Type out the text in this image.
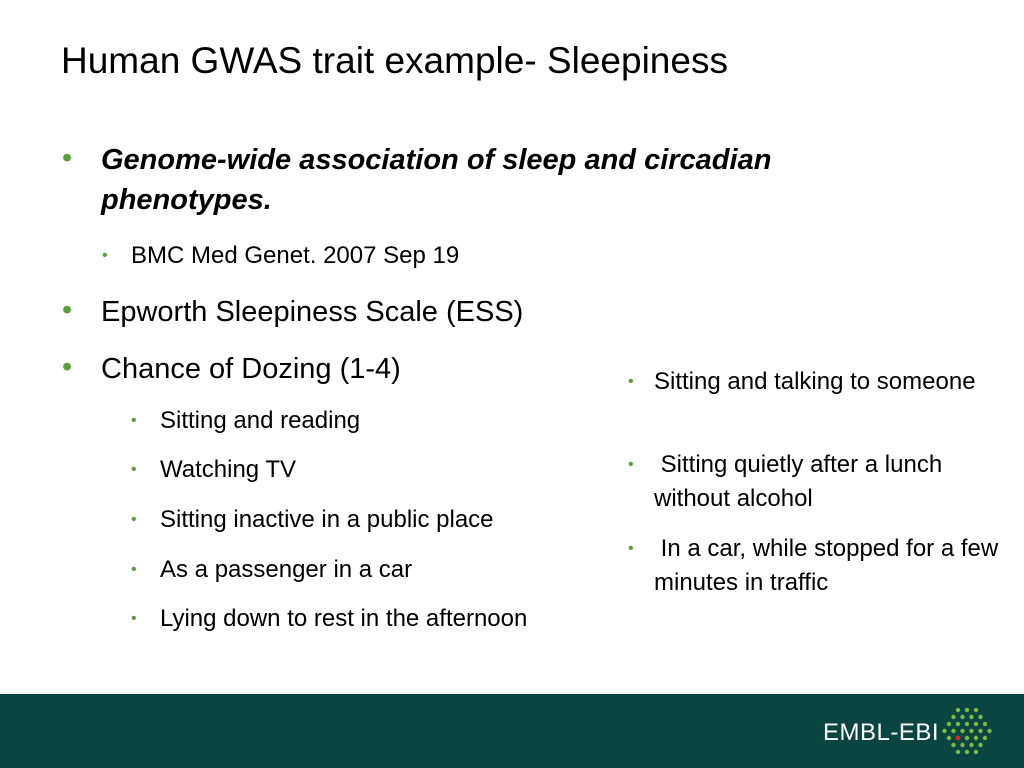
Human GWAS trait example- Sleepiness
• Genome-wide association of sleep and circadian phenotypes.
• BMC Med Genet. 2007 Sep 19
• Epworth Sleepiness Scale (ESS)
• Chance of Dozing (1-4)
• Sitting and reading
• Watching TV
• Sitting inactive in a public place
• As a passenger in a car
• Lying down to rest in the afternoon
• Sitting and talking to someone
• Sitting quietly after a lunch without alcohol
• In a car, while stopped for a few minutes in traffic
EMBL-EBI
